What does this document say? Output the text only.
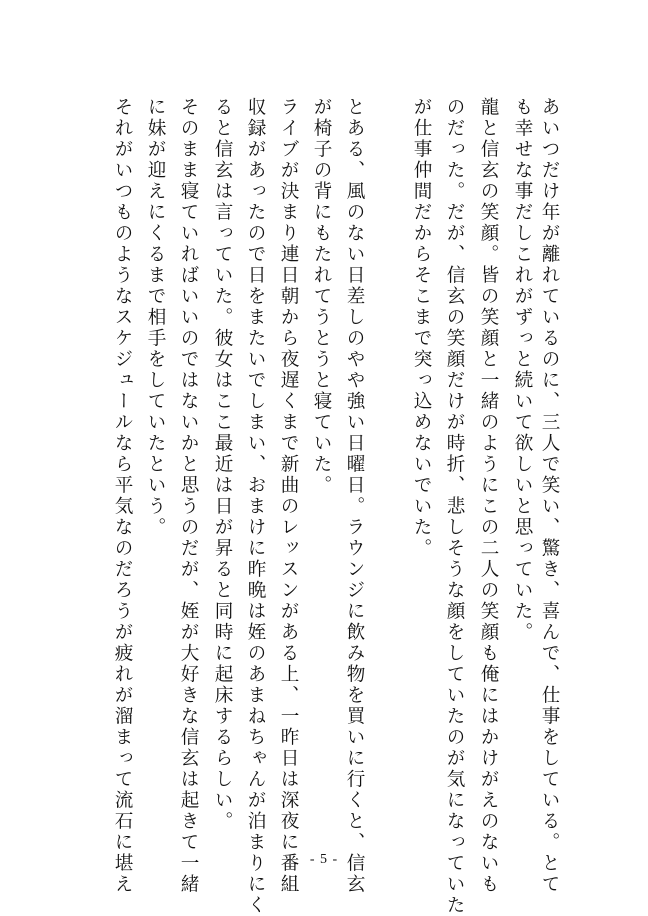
あいつだけ年が離れているのに、三人で笑い、驚き、喜んで、仕事をしている。とて
も幸せな事だしこれがずっと続いて欲しいと思っていた。
龍と信玄の笑顔。皆の笑顔と一緒のようにこの二人の笑顔も俺にはかけがえのないも
のだった。だが、信玄の笑顔だけが時折、悲しそうな顔をしていたのが気になっていた
が仕事仲間だからそこまで突っ込めないでいた。
とある、風のない日差しのやや強い日曜日。ラウンジに飲み物を買いに行くと、信玄
が椅子の背にもたれてうとうと寝ていた。
ライブが決まり連日朝から夜遅くまで新曲のレッスンがある上、一昨日は深夜に番組
収録があったので日をまたいでしまい、おまけに昨晩は姪のあまねちゃんが泊まりにく
ると信玄は言っていた。彼女はここ最近は日が昇ると同時に起床するらしい。
そのまま寝ていればいいのではないかと思うのだが、姪が大好きな信玄は起きて一緒
に妹が迎えにくるまで相手をしていたという。
それがいつものようなスケジュールなら平気なのだろうが疲れが溜まって流石に堪え	- 5 -
